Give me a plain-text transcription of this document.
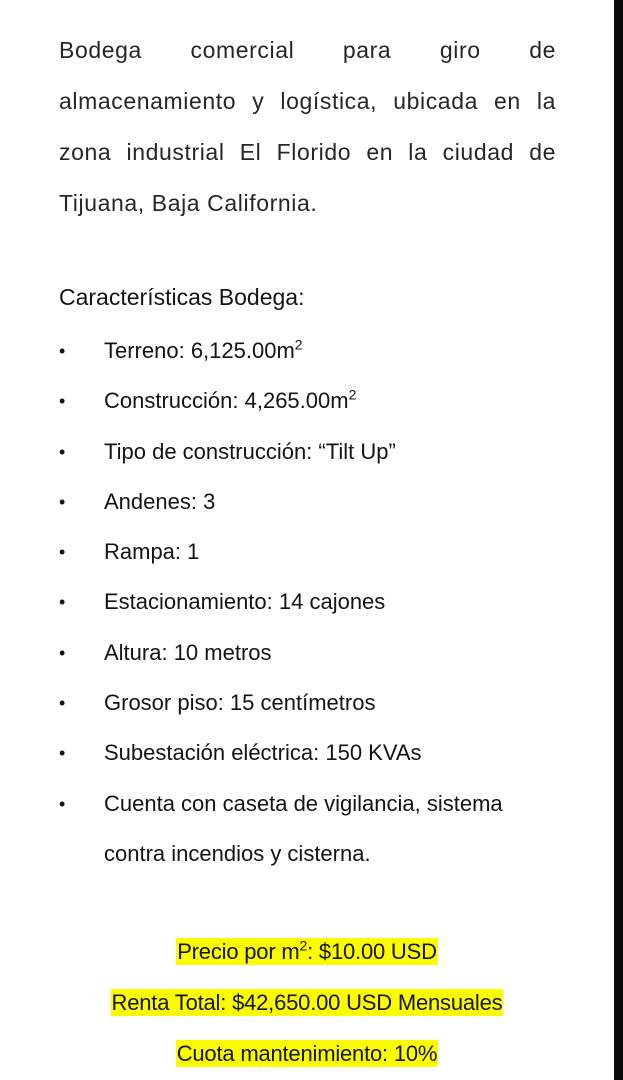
Bodega comercial para giro de almacenamiento y logística, ubicada en la zona industrial El Florido en la ciudad de Tijuana, Baja California.

Características Bodega:

• Terreno: $6,125.00m^2$
• Construcción: $4,265.00m^2$
• Tipo de construcción: “Tilt Up”
• Andenes: 3
• Rampa: 1
• Estacionamiento: 14 cajones
• Altura: 10 metros
• Grosor piso: 15 centímetros
• Subestación eléctrica: 150 KVAs
• Cuenta con caseta de vigilancia, sistema contra incendios y cisterna.
Precio por $m^2$: $10.00 USD
Renta Total: $42,650.00 USD Mensuales
Cuota mantenimiento: 10%
